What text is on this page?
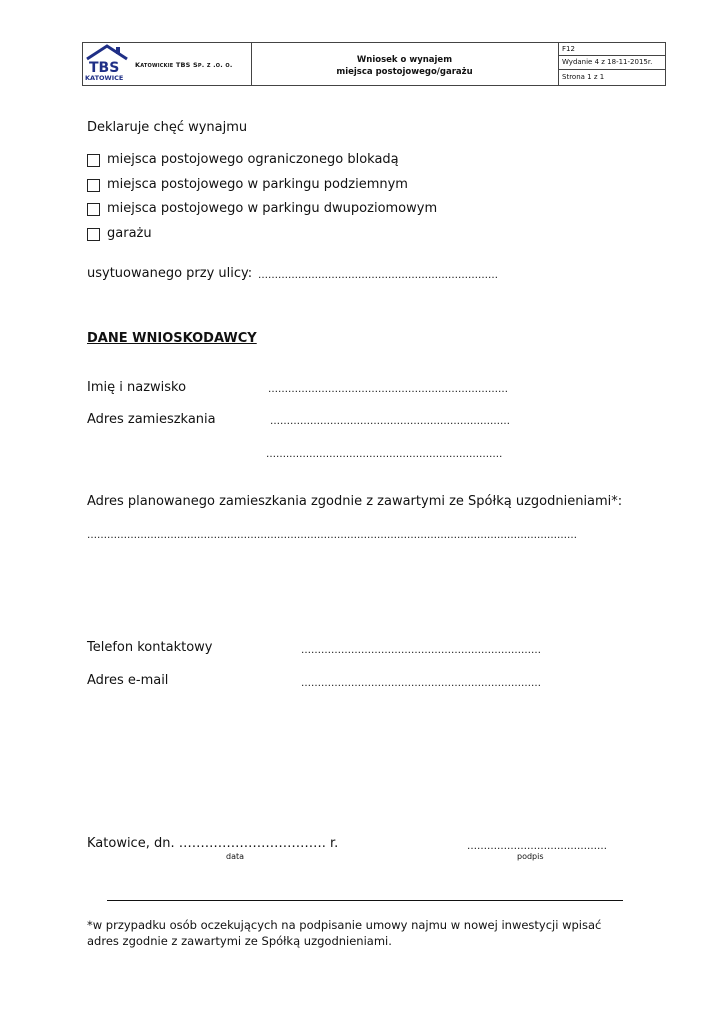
TBS
KATOWICE
Katowickie TBS Sp. z .o. o.	Wniosek o wynajem
miejsca postojowego/garażu
F12
Wydanie 4 z 18-11-2015r.
Strona 1 z 1
Deklaruje chęć wynajmu
miejsca postojowego ograniczonego blokadą
miejsca postojowego w parkingu podziemnym
miejsca postojowego w parkingu dwupoziomowym
garażu
usytuowanego przy ulicy: ………………………………………………………………
DANE WNIOSKODAWCY
Imię i nazwisko	………………………………………………………………
Adres zamieszkania	………………………………………………………………
…….……………………………….………………………
Adres planowanego zamieszkania zgodnie z zawartymi ze Spółką uzgodnieniami*:
…………………………………………………………………………………………………………………………………
Telefon kontaktowy	………………………………………………………………
Adres e-mail	………………………………………………………………
Katowice, dn. ……………………………. r.
data
……………………………………
podpis
*w przypadku osób oczekujących na podpisanie umowy najmu w nowej inwestycji wpisać
adres zgodnie z zawartymi ze Spółką uzgodnieniami.
